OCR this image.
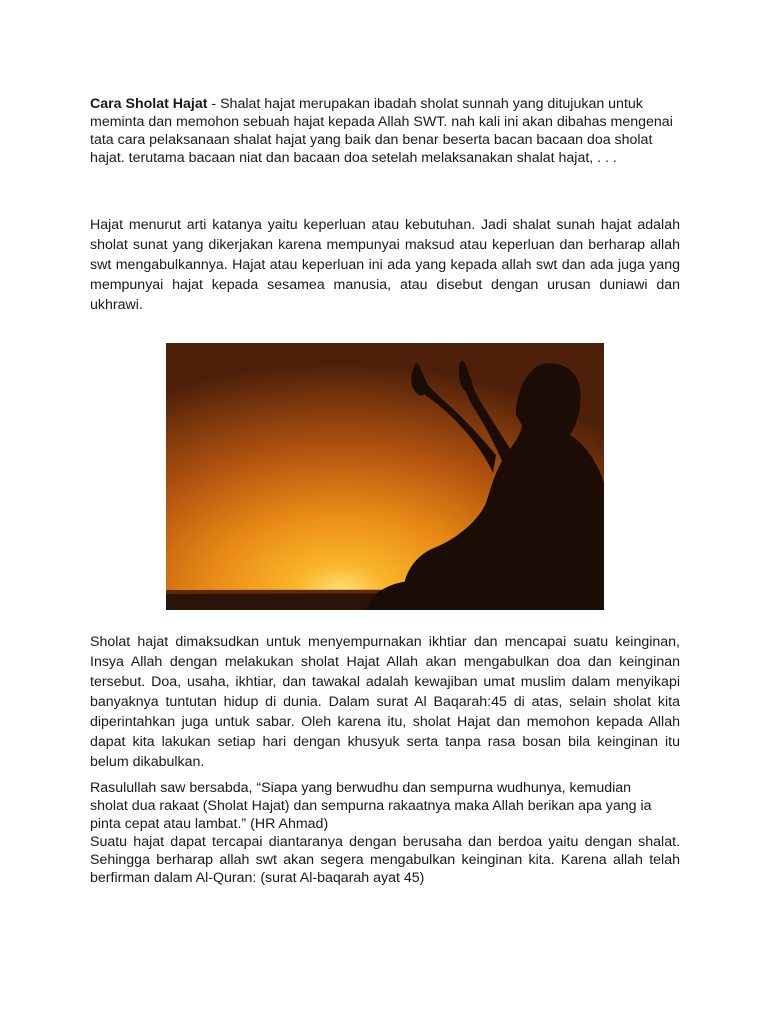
Cara Sholat Hajat - Shalat hajat merupakan ibadah sholat sunnah yang ditujukan untuk meminta dan memohon sebuah hajat kepada Allah SWT. nah kali ini akan dibahas mengenai tata cara pelaksanaan shalat hajat yang baik dan benar beserta bacan bacaan doa sholat hajat. terutama bacaan niat dan bacaan doa setelah melaksanakan shalat hajat, . . .

Hajat menurut arti katanya yaitu keperluan atau kebutuhan. Jadi shalat sunah hajat adalah sholat sunat yang dikerjakan karena mempunyai maksud atau keperluan dan berharap allah swt mengabulkannya. Hajat atau keperluan ini ada yang kepada allah swt dan ada juga yang mempunyai hajat kepada sesamea manusia, atau disebut dengan urusan duniawi dan ukhrawi.

Sholat hajat dimaksudkan untuk menyempurnakan ikhtiar dan mencapai suatu keinginan, Insya Allah dengan melakukan sholat Hajat Allah akan mengabulkan doa dan keinginan tersebut. Doa, usaha, ikhtiar, dan tawakal adalah kewajiban umat muslim dalam menyikapi banyaknya tuntutan hidup di dunia. Dalam surat Al Baqarah:45 di atas, selain sholat kita diperintahkan juga untuk sabar. Oleh karena itu, sholat Hajat dan memohon kepada Allah dapat kita lakukan setiap hari dengan khusyuk serta tanpa rasa bosan bila keinginan itu belum dikabulkan.

Rasulullah saw bersabda, “Siapa yang berwudhu dan sempurna wudhunya, kemudian
sholat dua rakaat (Sholat Hajat) dan sempurna rakaatnya maka Allah berikan apa yang ia
pinta cepat atau lambat.” (HR Ahmad)
Suatu hajat dapat tercapai diantaranya dengan berusaha dan berdoa yaitu dengan shalat. Sehingga berharap allah swt akan segera mengabulkan keinginan kita. Karena allah telah berfirman dalam Al-Quran: (surat Al-baqarah ayat 45)
